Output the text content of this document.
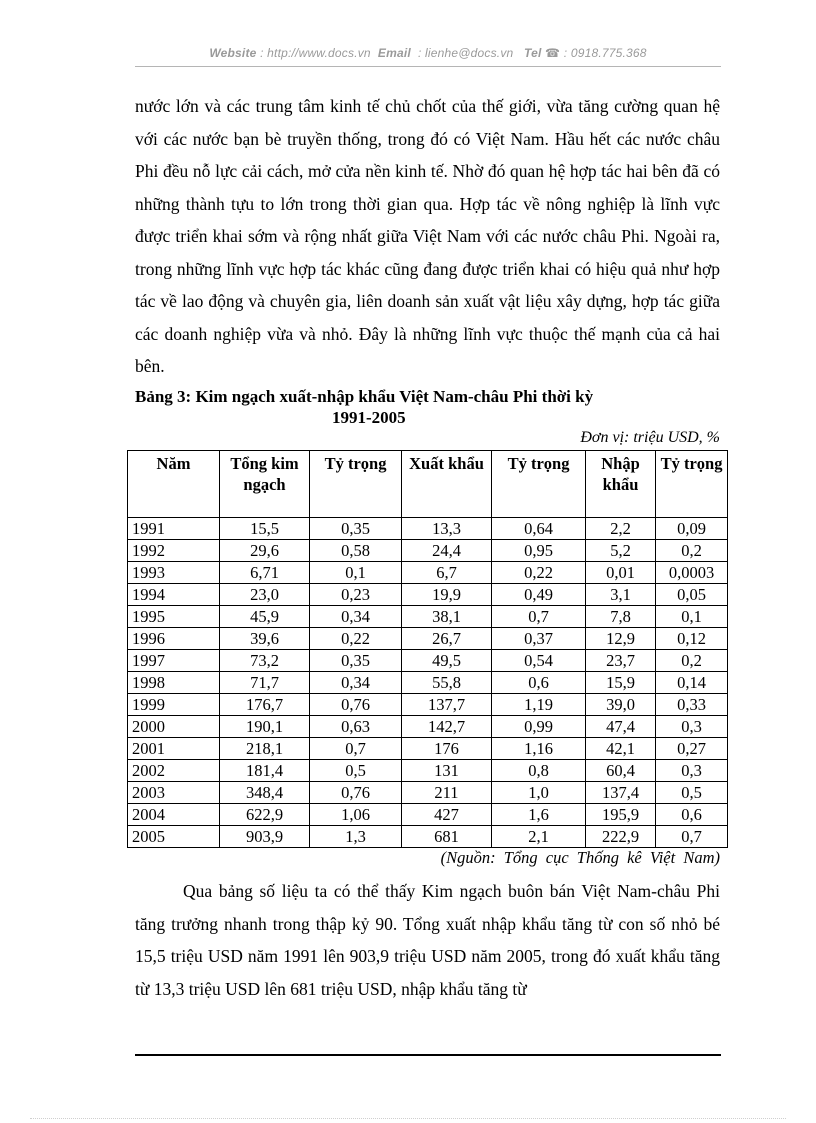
Website : http://www.docs.vn Email : lienhe@docs.vn Tel ☎ : 0918.775.368
nước lớn và các trung tâm kinh tế chủ chốt của thế giới, vừa tăng cường quan hệ với các nước bạn bè truyền thống, trong đó có Việt Nam. Hầu hết các nước châu Phi đều nỗ lực cải cách, mở cửa nền kinh tế. Nhờ đó quan hệ hợp tác hai bên đã có những thành tựu to lớn trong thời gian qua. Hợp tác về nông nghiệp là lĩnh vực được triển khai sớm và rộng nhất giữa Việt Nam với các nước châu Phi. Ngoài ra, trong những lĩnh vực hợp tác khác cũng đang được triển khai có hiệu quả như hợp tác về lao động và chuyên gia, liên doanh sản xuất vật liệu xây dựng, hợp tác giữa các doanh nghiệp vừa và nhỏ. Đây là những lĩnh vực thuộc thế mạnh của cả hai bên.
Bảng 3: Kim ngạch xuất-nhập khẩu Việt Nam-châu Phi thời kỳ
1991-2005
Đơn vị: triệu USD, %
Năm	Tổng kim ngạch	Tỷ trọng	Xuất khẩu	Tỷ trọng	Nhập khẩu	Tỷ trọng
1991	15,5	0,35	13,3	0,64	2,2	0,09
1992	29,6	0,58	24,4	0,95	5,2	0,2
1993	6,71	0,1	6,7	0,22	0,01	0,0003
1994	23,0	0,23	19,9	0,49	3,1	0,05
1995	45,9	0,34	38,1	0,7	7,8	0,1
1996	39,6	0,22	26,7	0,37	12,9	0,12
1997	73,2	0,35	49,5	0,54	23,7	0,2
1998	71,7	0,34	55,8	0,6	15,9	0,14
1999	176,7	0,76	137,7	1,19	39,0	0,33
2000	190,1	0,63	142,7	0,99	47,4	0,3
2001	218,1	0,7	176	1,16	42,1	0,27
2002	181,4	0,5	131	0,8	60,4	0,3
2003	348,4	0,76	211	1,0	137,4	0,5
2004	622,9	1,06	427	1,6	195,9	0,6
2005	903,9	1,3	681	2,1	222,9	0,7
(Nguồn: Tổng cục Thống kê Việt Nam)
Qua bảng số liệu ta có thể thấy Kim ngạch buôn bán Việt Nam-châu Phi tăng trưởng nhanh trong thập kỷ 90. Tổng xuất nhập khẩu tăng từ con số nhỏ bé 15,5 triệu USD năm 1991 lên 903,9 triệu USD năm 2005, trong đó xuất khẩu tăng từ 13,3 triệu USD lên 681 triệu USD, nhập khẩu tăng từ
